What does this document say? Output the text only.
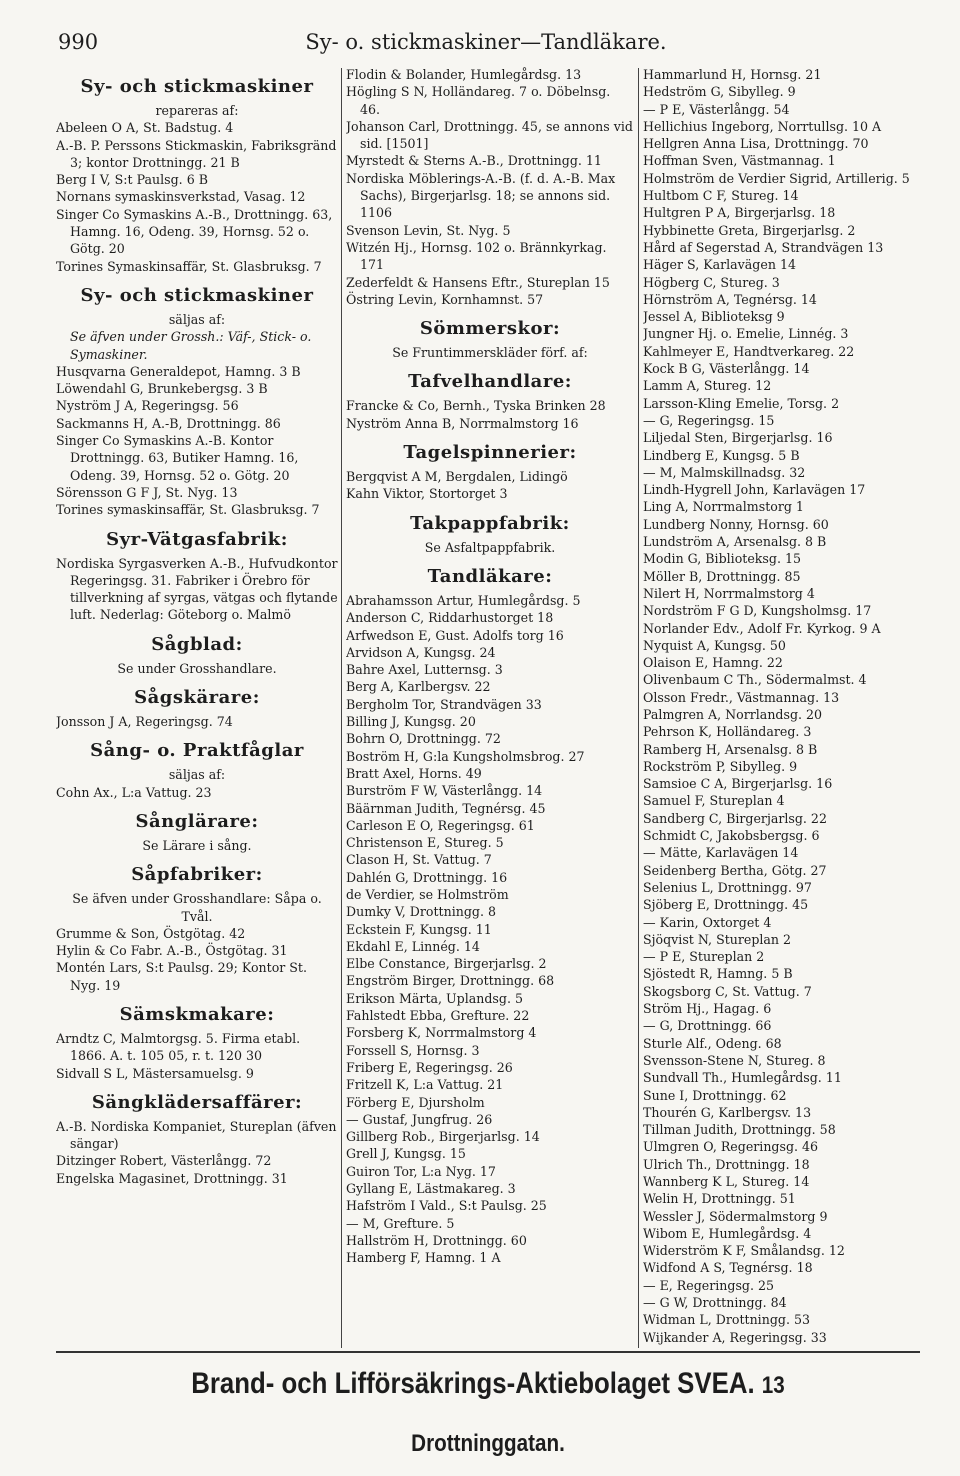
990	Sy- o. stickmaskiner—Tandläkare.
Sy- och stickmaskiner
repareras af:
Abeleen O A, St. Badstug. 4
A.-B. P. Perssons Stickmaskin, Fabriksgränd 3; kontor Drottningg. 21 B
Berg I V, S:t Paulsg. 6 B
Nornans symaskinsverkstad, Vasag. 12
Singer Co Symaskins A.-B., Drottningg. 63, Hamng. 16, Odeng. 39, Hornsg. 52 o. Götg. 20
Torines Symaskinsaffär, St. Glasbruksg. 7
Sy- och stickmaskiner
säljas af:
Se äfven under Grossh.: Väf-, Stick- o. Symaskiner.
Husqvarna Generaldepot, Hamng. 3 B
Löwendahl G, Brunkebergsg. 3 B
Nyström J A, Regeringsg. 56
Sackmanns H, A.-B, Drottningg. 86
Singer Co Symaskins A.-B. Kontor Drottningg. 63, Butiker Hamng. 16, Odeng. 39, Hornsg. 52 o. Götg. 20
Sörensson G F J, St. Nyg. 13
Torines symaskinsaffär, St. Glasbruksg. 7
Syr-Vätgasfabrik:
Nordiska Syrgasverken A.-B., Hufvudkontor Regeringsg. 31. Fabriker i Örebro för tillverkning af syrgas, vätgas och flytande luft. Nederlag: Göteborg o. Malmö
Sågblad:
Se under Grosshandlare.
Sågskärare:
Jonsson J A, Regeringsg. 74
Sång- o. Praktfåglar
säljas af:
Cohn Ax., L:a Vattug. 23
Sånglärare:
Se Lärare i sång.
Såpfabriker:
Se äfven under Grosshandlare: Såpa o. Tvål.
Grumme & Son, Östgötag. 42
Hylin & Co Fabr. A.-B., Östgötag. 31
Montén Lars, S:t Paulsg. 29; Kontor St. Nyg. 19
Sämskmakare:
Arndtz C, Malmtorgsg. 5. Firma etabl. 1866. A. t. 105 05, r. t. 120 30
Sidvall S L, Mästersamuelsg. 9
Sängklädersaffärer:
A.-B. Nordiska Kompaniet, Stureplan (äfven sängar)
Ditzinger Robert, Västerlångg. 72
Engelska Magasinet, Drottningg. 31
Flodin & Bolander, Humlegårdsg. 13
Högling S N, Holländareg. 7 o. Döbelnsg. 46.
Johanson Carl, Drottningg. 45, se annons vid sid. [1501]
Myrstedt & Sterns A.-B., Drottningg. 11
Nordiska Möblerings-A.-B. (f. d. A.-B. Max Sachs), Birgerjarlsg. 18; se annons sid. 1106
Svenson Levin, St. Nyg. 5
Witzén Hj., Hornsg. 102 o. Brännkyrkag. 171
Zederfeldt & Hansens Eftr., Stureplan 15
Östring Levin, Kornhamnst. 57
Sömmerskor:
Se Fruntimmerskläder förf. af:
Tafvelhandlare:
Francke & Co, Bernh., Tyska Brinken 28
Nyström Anna B, Norrmalmstorg 16
Tagelspinnerier:
Bergqvist A M, Bergdalen, Lidingö
Kahn Viktor, Stortorget 3
Takpappfabrik:
Se Asfaltpappfabrik.
Tandläkare:
Abrahamsson Artur, Humlegårdsg. 5
Anderson C, Riddarhustorget 18
Arfwedson E, Gust. Adolfs torg 16
Arvidson A, Kungsg. 24
Bahre Axel, Lutternsg. 3
Berg A, Karlbergsv. 22
Bergholm Tor, Strandvägen 33
Billing J, Kungsg. 20
Bohrn O, Drottningg. 72
Boström H, G:la Kungsholmsbrog. 27
Bratt Axel, Horns. 49
Burström F W, Västerlångg. 14
Bäärnman Judith, Tegnérsg. 45
Carleson E O, Regeringsg. 61
Christenson E, Stureg. 5
Clason H, St. Vattug. 7
Dahlén G, Drottningg. 16
de Verdier, se Holmström
Dumky V, Drottningg. 8
Eckstein F, Kungsg. 11
Ekdahl E, Linnég. 14
Elbe Constance, Birgerjarlsg. 2
Engström Birger, Drottningg. 68
Erikson Märta, Uplandsg. 5
Fahlstedt Ebba, Grefture. 22
Forsberg K, Norrmalmstorg 4
Forssell S, Hornsg. 3
Friberg E, Regeringsg. 26
Fritzell K, L:a Vattug. 21
Förberg E, Djursholm
— Gustaf, Jungfrug. 26
Gillberg Rob., Birgerjarlsg. 14
Grell J, Kungsg. 15
Guiron Tor, L:a Nyg. 17
Gyllang E, Lästmakareg. 3
Hafström I Vald., S:t Paulsg. 25
— M, Grefture. 5
Hallström H, Drottningg. 60
Hamberg F, Hamng. 1 A
Hammarlund H, Hornsg. 21
Hedström G, Sibylleg. 9
— P E, Västerlångg. 54
Hellichius Ingeborg, Norrtullsg. 10 A
Hellgren Anna Lisa, Drottningg. 70
Hoffman Sven, Västmannag. 1
Holmström de Verdier Sigrid, Artillerig. 5
Hultbom C F, Stureg. 14
Hultgren P A, Birgerjarlsg. 18
Hybbinette Greta, Birgerjarlsg. 2
Hård af Segerstad A, Strandvägen 13
Häger S, Karlavägen 14
Högberg C, Stureg. 3
Hörnström A, Tegnérsg. 14
Jessel A, Biblioteksg 9
Jungner Hj. o. Emelie, Linnég. 3
Kahlmeyer E, Handtverkareg. 22
Kock B G, Västerlångg. 14
Lamm A, Stureg. 12
Larsson-Kling Emelie, Torsg. 2
— G, Regeringsg. 15
Liljedal Sten, Birgerjarlsg. 16
Lindberg E, Kungsg. 5 B
— M, Malmskillnadsg. 32
Lindh-Hygrell John, Karlavägen 17
Ling A, Norrmalmstorg 1
Lundberg Nonny, Hornsg. 60
Lundström A, Arsenalsg. 8 B
Modin G, Biblioteksg. 15
Möller B, Drottningg. 85
Nilert H, Norrmalmstorg 4
Nordström F G D, Kungsholmsg. 17
Norlander Edv., Adolf Fr. Kyrkog. 9 A
Nyquist A, Kungsg. 50
Olaison E, Hamng. 22
Olivenbaum C Th., Södermalmst. 4
Olsson Fredr., Västmannag. 13
Palmgren A, Norrlandsg. 20
Pehrson K, Holländareg. 3
Ramberg H, Arsenalsg. 8 B
Rockström P, Sibylleg. 9
Samsioe C A, Birgerjarlsg. 16
Samuel F, Stureplan 4
Sandberg C, Birgerjarlsg. 22
Schmidt C, Jakobsbergsg. 6
— Mätte, Karlavägen 14
Seidenberg Bertha, Götg. 27
Selenius L, Drottningg. 97
Sjöberg E, Drottningg. 45
— Karin, Oxtorget 4
Sjöqvist N, Stureplan 2
— P E, Stureplan 2
Sjöstedt R, Hamng. 5 B
Skogsborg C, St. Vattug. 7
Ström Hj., Hagag. 6
— G, Drottningg. 66
Sturle Alf., Odeng. 68
Svensson-Stene N, Stureg. 8
Sundvall Th., Humlegårdsg. 11
Sune I, Drottningg. 62
Thourén G, Karlbergsv. 13
Tillman Judith, Drottningg. 58
Ulmgren O, Regeringsg. 46
Ulrich Th., Drottningg. 18
Wannberg K L, Stureg. 14
Welin H, Drottningg. 51
Wessler J, Södermalmstorg 9
Wibom E, Humlegårdsg. 4
Widerström K F, Smålandsg. 12
Widfond A S, Tegnérsg. 18
— E, Regeringsg. 25
— G W, Drottningg. 84
Widman L, Drottningg. 53
Wijkander A, Regeringsg. 33
Brand- och Lifförsäkrings-Aktiebolaget SVEA. 13 Drottninggatan.
